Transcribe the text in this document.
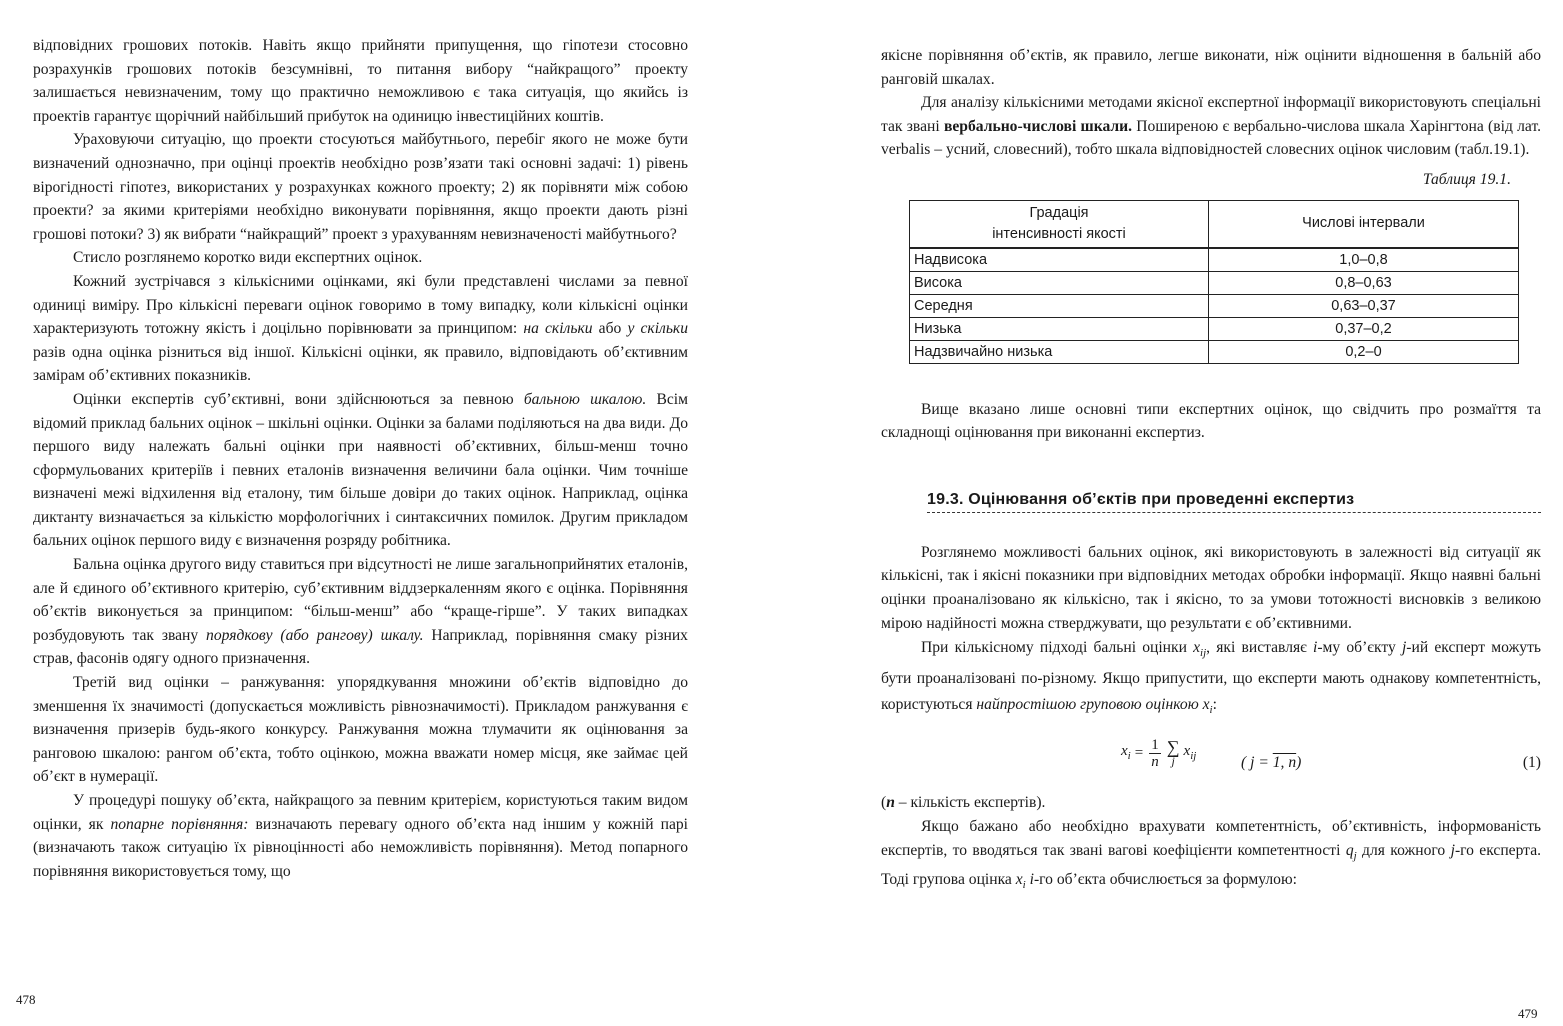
відповідних грошових потоків. Навіть якщо прийняти припущення, що гіпотези стосовно розрахунків грошових потоків безсумнівні, то питання вибору “найкращого” проекту залишається невизначеним, тому що практично неможливою є така ситуація, що якийсь із проектів гарантує щорічний найбільший прибуток на одиницю інвестиційних коштів.

Ураховуючи ситуацію, що проекти стосуються майбутнього, перебіг якого не може бути визначений однозначно, при оцінці проектів необхідно розв’язати такі основні задачі: 1) рівень вірогідності гіпотез, використаних у розрахунках кожного проекту; 2) як порівняти між собою проекти? за якими критеріями необхідно виконувати порівняння, якщо проекти дають різні грошові потоки? 3) як вибрати “найкращий” проект з урахуванням невизначеності майбутнього?

Стисло розглянемо коротко види експертних оцінок.

Кожний зустрічався з кількісними оцінками, які були представлені числами за певної одиниці виміру. Про кількісні переваги оцінок говоримо в тому випадку, коли кількісні оцінки характеризують тотожну якість і доцільно порівнювати за принципом: на скільки або у скільки разів одна оцінка різниться від іншої. Кількісні оцінки, як правило, відповідають об’єктивним замірам об’єктивних показників.

Оцінки експертів суб’єктивні, вони здійснюються за певною бальною шкалою. Всім відомий приклад бальних оцінок – шкільні оцінки. Оцінки за балами поділяються на два види. До першого виду належать бальні оцінки при наявності об’єктивних, більш-менш точно сформульованих критеріїв і певних еталонів визначення величини бала оцінки. Чим точніше визначені межі відхилення від еталону, тим більше довіри до таких оцінок. Наприклад, оцінка диктанту визначається за кількістю морфологічних і синтаксичних помилок. Другим прикладом бальних оцінок першого виду є визначення розряду робітника.

Бальна оцінка другого виду ставиться при відсутності не лише загальноприйнятих еталонів, але й єдиного об’єктивного критерію, суб’єктивним віддзеркаленням якого є оцінка. Порівняння об’єктів виконується за принципом: “більш-менш” або “краще-гірше”. У таких випадках розбудовують так звану порядкову (або рангову) шкалу. Наприклад, порівняння смаку різних страв, фасонів одягу одного призначення.

Третій вид оцінки – ранжування: упорядкування множини об’єктів відповідно до зменшення їх значимості (допускається можливість рівнозначимості). Прикладом ранжування є визначення призерів будь-якого конкурсу. Ранжування можна тлумачити як оцінювання за ранговою шкалою: рангом об’єкта, тобто оцінкою, можна вважати номер місця, яке займає цей об’єкт в нумерації.

У процедурі пошуку об’єкта, найкращого за певним критерієм, користуються таким видом оцінки, як попарне порівняння: визначають перевагу одного об’єкта над іншим у кожній парі (визначають також ситуацію їх рівноцінності або неможливість порівняння). Метод попарного порівняння використовується тому, що

478

якісне порівняння об’єктів, як правило, легше виконати, ніж оцінити відношення в бальній або ранговій шкалах.

Для аналізу кількісними методами якісної експертної інформації використовують спеціальні так звані вербально-числові шкали. Поширеною є вербально-числова шкала Харінгтона (від лат. verbalis – усний, словесний), тобто шкала відповідностей словесних оцінок числовим (табл.19.1).

Таблиця 19.1.
Градація
інтенсивності якості	Числові інтервали
Надвисока	1,0–0,8
Висока	0,8–0,63
Середня	0,63–0,37
Низька	0,37–0,2
Надзвичайно низька	0,2–0

Вище вказано лише основні типи експертних оцінок, що свідчить про розмаїття та складнощі оцінювання при виконанні експертиз.

19.3. Оцінювання об’єктів при проведенні експертиз

Розглянемо можливості бальних оцінок, які використовують в залежності від ситуації як кількісні, так і якісні показники при відповідних методах обробки інформації. Якщо наявні бальні оцінки проаналізовано як кількісно, так і якісно, то за умови тотожності висновків з великою мірою надійності можна стверджувати, що результати є об’єктивними.

При кількісному підході бальні оцінки $x_{ij}$, які виставляє i-му об’єкту j-ий експерт можуть бути проаналізовані по-різному. Якщо припустити, що експерти мають однакову компетентність, користуються найпростішою груповою оцінкою $x_i$:

$x_i = \frac{1}{n}$ ∑
j
$x_{ij}$	( j = 1, n)	(1)

(n – кількість експертів).

Якщо бажано або необхідно врахувати компетентність, об’єктивність, інформованість експертів, то вводяться так звані вагові коефіцієнти компетентності $q_j$ для кожного j-го експерта. Тоді групова оцінка $x_i$ i-го об’єкта обчислюється за формулою:

479
